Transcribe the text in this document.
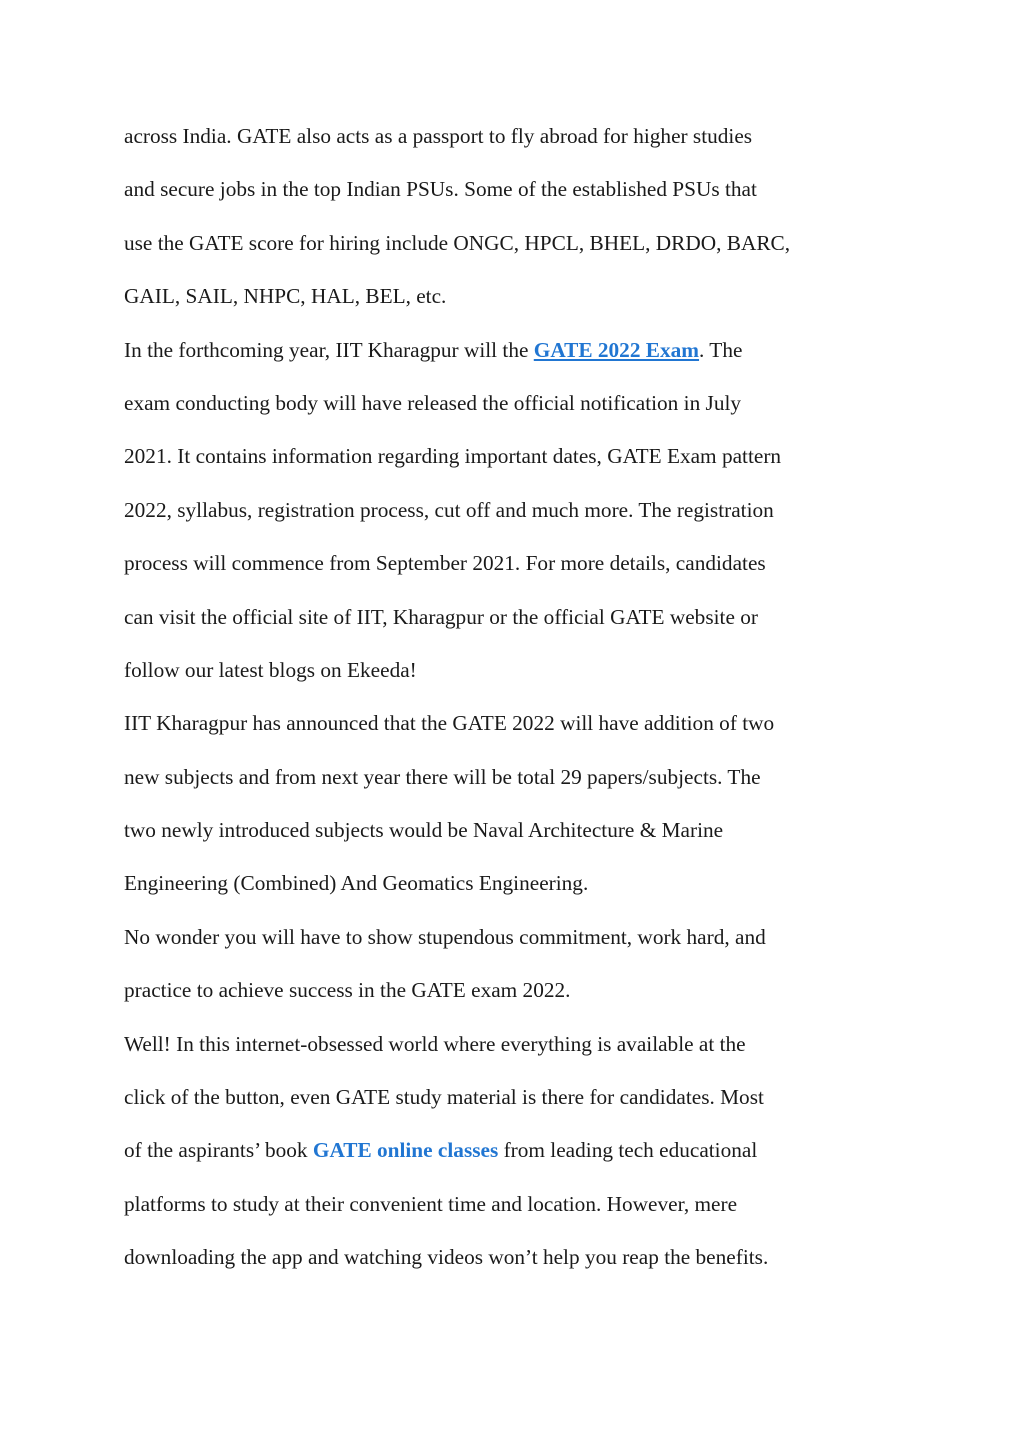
across India. GATE also acts as a passport to fly abroad for higher studies
and secure jobs in the top Indian PSUs. Some of the established PSUs that
use the GATE score for hiring include ONGC, HPCL, BHEL, DRDO, BARC,
GAIL, SAIL, NHPC, HAL, BEL, etc.
In the forthcoming year, IIT Kharagpur will the GATE 2022 Exam. The
exam conducting body will have released the official notification in July
2021. It contains information regarding important dates, GATE Exam pattern
2022, syllabus, registration process, cut off and much more. The registration
process will commence from September 2021. For more details, candidates
can visit the official site of IIT, Kharagpur or the official GATE website or
follow our latest blogs on Ekeeda!
IIT Kharagpur has announced that the GATE 2022 will have addition of two
new subjects and from next year there will be total 29 papers/subjects. The
two newly introduced subjects would be Naval Architecture & Marine
Engineering (Combined) And Geomatics Engineering.
No wonder you will have to show stupendous commitment, work hard, and
practice to achieve success in the GATE exam 2022.
Well! In this internet-obsessed world where everything is available at the
click of the button, even GATE study material is there for candidates. Most
of the aspirants’ book GATE online classes from leading tech educational
platforms to study at their convenient time and location. However, mere
downloading the app and watching videos won’t help you reap the benefits.
